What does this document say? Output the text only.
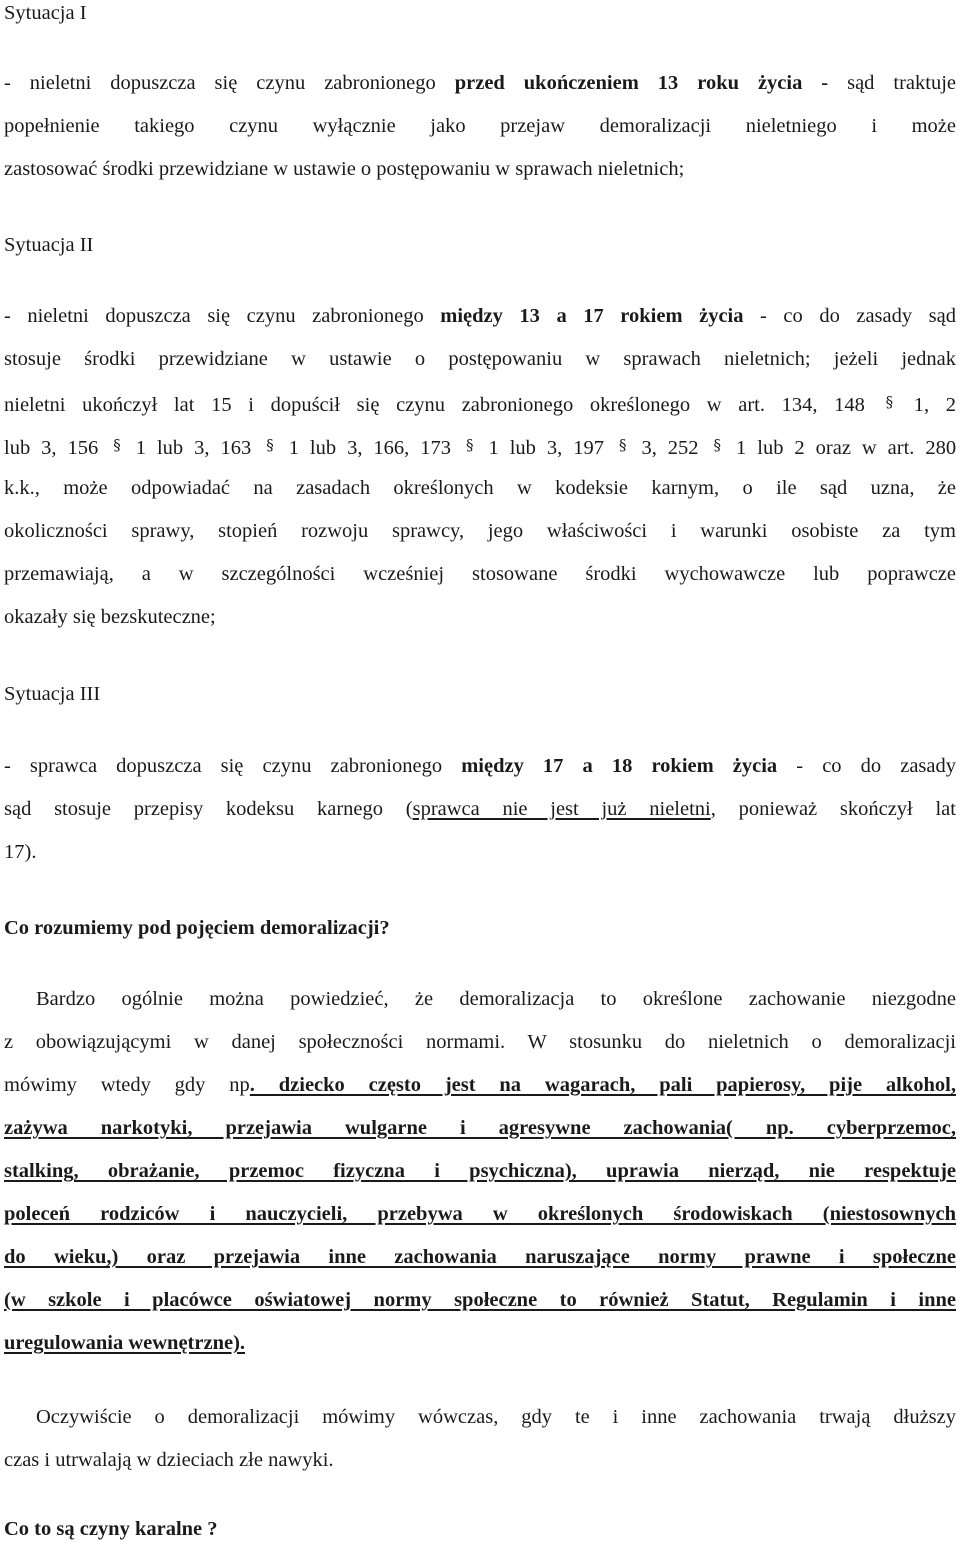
Sytuacja I
- nieletni dopuszcza się czynu zabronionego przed ukończeniem 13 roku życia - sąd traktuje
popełnienie takiego czynu wyłącznie jako przejaw demoralizacji nieletniego i może
zastosować środki przewidziane w ustawie o postępowaniu w sprawach nieletnich;
Sytuacja II
- nieletni dopuszcza się czynu zabronionego między 13 a 17 rokiem życia - co do zasady sąd
stosuje środki przewidziane w ustawie o postępowaniu w sprawach nieletnich; jeżeli jednak
nieletni ukończył lat 15 i dopuścił się czynu zabronionego określonego w art. 134, 148 § 1, 2
lub 3, 156 § 1 lub 3, 163 § 1 lub 3, 166, 173 § 1 lub 3, 197 § 3, 252 § 1 lub 2 oraz w art. 280
k.k., może odpowiadać na zasadach określonych w kodeksie karnym, o ile sąd uzna, że
okoliczności sprawy, stopień rozwoju sprawcy, jego właściwości i warunki osobiste za tym
przemawiają, a w szczególności wcześniej stosowane środki wychowawcze lub poprawcze
okazały się bezskuteczne;
Sytuacja III
- sprawca dopuszcza się czynu zabronionego między 17 a 18 rokiem życia - co do zasady
sąd stosuje przepisy kodeksu karnego (sprawca nie jest już nieletni, ponieważ skończył lat
17).
Co rozumiemy pod pojęciem demoralizacji?
Bardzo ogólnie można powiedzieć, że demoralizacja to określone zachowanie niezgodne
z obowiązującymi w danej społeczności normami. W stosunku do nieletnich o demoralizacji
mówimy wtedy gdy np. dziecko często jest na wagarach, pali papierosy, pije alkohol,
zażywa narkotyki, przejawia wulgarne i agresywne zachowania( np. cyberprzemoc,
stalking, obrażanie, przemoc fizyczna i psychiczna), uprawia nierząd, nie respektuje
poleceń rodziców i nauczycieli, przebywa w określonych środowiskach (niestosownych
do wieku,) oraz przejawia inne zachowania naruszające normy prawne i społeczne
(w szkole i placówce oświatowej normy społeczne to również Statut, Regulamin i inne
uregulowania wewnętrzne).
Oczywiście o demoralizacji mówimy wówczas, gdy te i inne zachowania trwają dłuższy
czas i utrwalają w dzieciach złe nawyki.
Co to są czyny karalne ?
